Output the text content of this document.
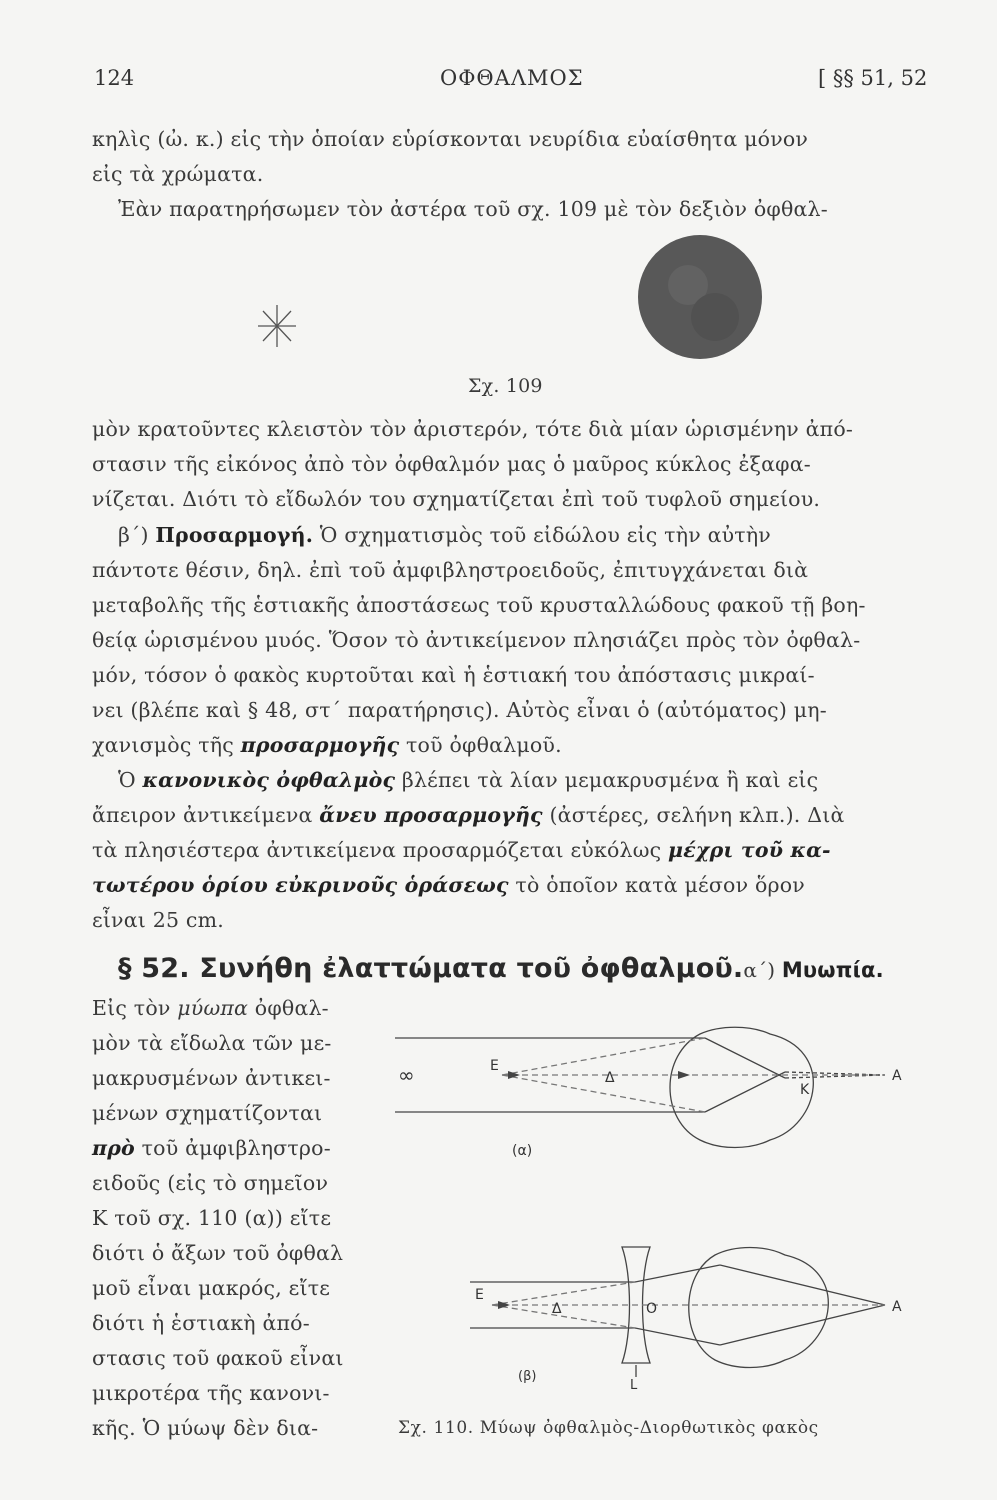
124	ΟΦΘΑΛΜΟΣ	[ §§ 51, 52
κηλὶς (ὠ. κ.) εἰς τὴν ὁποίαν εὑρίσκονται νευρίδια εὐαίσθητα μόνον
εἰς τὰ χρώματα.
Ἐὰν παρατηρήσωμεν τὸν ἀστέρα τοῦ σχ. 109 μὲ τὸν δεξιὸν ὀφθαλ-
Σχ. 109
μὸν κρατοῦντες κλειστὸν τὸν ἀριστερόν, τότε διὰ μίαν ὡρισμένην ἀπό-
στασιν τῆς εἰκόνος ἀπὸ τὸν ὀφθαλμόν μας ὁ μαῦρος κύκλος ἐξαφα-
νίζεται. Διότι τὸ εἴδωλόν του σχηματίζεται ἐπὶ τοῦ τυφλοῦ σημείου.
β΄) Προσαρμογή. Ὁ σχηματισμὸς τοῦ εἰδώλου εἰς τὴν αὐτὴν
πάντοτε θέσιν, δηλ. ἐπὶ τοῦ ἀμφιβληστροειδοῦς, ἐπιτυγχάνεται διὰ
μεταβολῆς τῆς ἑστιακῆς ἀποστάσεως τοῦ κρυσταλλώδους φακοῦ τῇ βοη-
θείᾳ ὡρισμένου μυός. Ὅσον τὸ ἀντικείμενον πλησιάζει πρὸς τὸν ὀφθαλ-
μόν, τόσον ὁ φακὸς κυρτοῦται καὶ ἡ ἑστιακή του ἀπόστασις μικραί-
νει (βλέπε καὶ § 48, στ΄ παρατήρησις). Αὐτὸς εἶναι ὁ (αὐτόματος) μη-
χανισμὸς τῆς προσαρμογῆς τοῦ ὀφθαλμοῦ.
Ὁ κανονικὸς ὀφθαλμὸς βλέπει τὰ λίαν μεμακρυσμένα ἢ καὶ εἰς
ἄπειρον ἀντικείμενα ἄνευ προσαρμογῆς (ἀστέρες, σελήνη κλπ.). Διὰ
τὰ πλησιέστερα ἀντικείμενα προσαρμόζεται εὐκόλως μέχρι τοῦ κα-
τωτέρου ὁρίου εὐκρινοῦς ὁράσεως τὸ ὁποῖον κατὰ μέσον ὅρον
εἶναι 25 cm.
§ 52. Συνήθη ἐλαττώματα τοῦ ὀφθαλμοῦ.α΄) Μυωπία.
Εἰς τὸν μύωπα ὀφθαλ-
μὸν τὰ εἴδωλα τῶν με-
μακρυσμένων ἀντικει-
μένων σχηματίζονται
πρὸ τοῦ ἀμφιβληστρο-
ειδοῦς (εἰς τὸ σημεῖον
Κ τοῦ σχ. 110 (α)) εἴτε
διότι ὁ ἄξων τοῦ ὀφθαλ
μοῦ εἶναι μακρός, εἴτε
διότι ἡ ἑστιακὴ ἀπό-
στασις τοῦ φακοῦ εἶναι
μικροτέρα τῆς κανονι-
κῆς. Ὁ μύωψ δὲν δια-
∞	E
Δ
K
A
(α)
E
Δ	O
L
A
(β)
Σχ. 110. Μύωψ ὀφθαλμὸς-Διορθωτικὸς φακὸς
